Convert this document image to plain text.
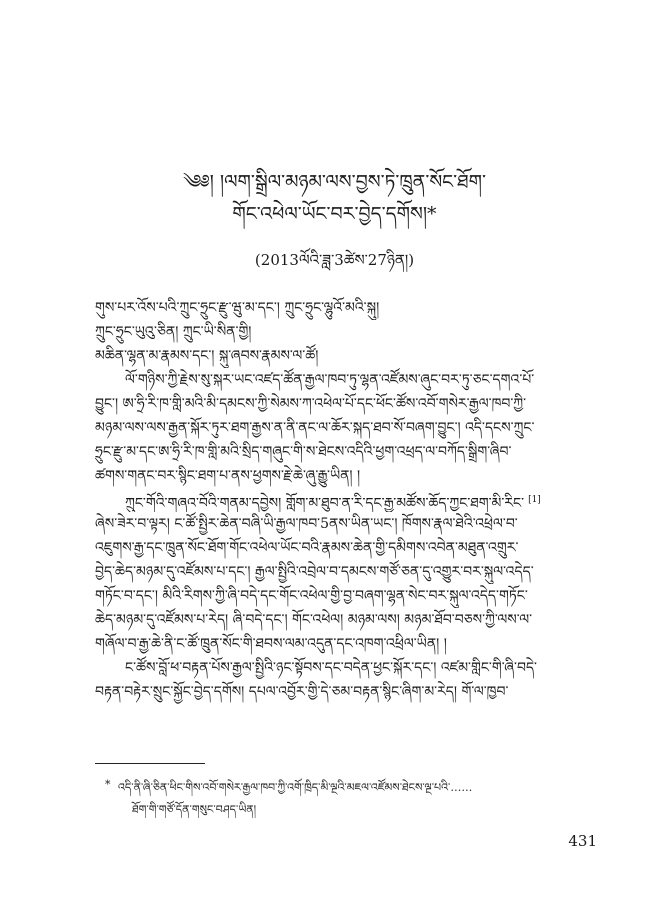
༄༅། །ལག་སྒྲིལ་མཉམ་ལས་བྱས་ཏེ་ཁྲུན་སོང་ཐོག་
གོང་འཕེལ་ཡོང་བར་བྱེད་དགོས།*
(2013ལོའི་ཟླ་3ཚེས་27ཉིན།)
གུས་པར་འོས་པའི་ཀྲུང་ཧྲུང་རྫུ་ཝུ་མ་དང་། ཀྲུང་ཧྲུང་ལྷུའོ་མའི་སྐུ།
ཀྲུང་ཧྲུང་ཡུའུ་ཅིན། ཀྲུང་ཡི་སིན་གྱི།
མཆིན་ལྷན་མ་རྣམས་དང་། སྐུ་ཞབས་རྣམས་ལ་ཚོ།
ལོ་གཉིས་ཀྱི་རྗེས་སུ་སྐར་ཡང་འཛད་ཚོན་རྒྱལ་ཁབ་ཏུ་ལྷན་འཛོམས་ཞུང་བར་ཏུ་ཅང་དགའ་པོ་
བྱུང་། ཨ་ཧྲི་རི་ཁ་གླི་མའི་མི་དམངས་ཀྱི་སེམས་ཀ་འཕེལ་པོ་དང་ཕོང་ཚོས་འབོ་གསེར་རྒྱལ་ཁབ་ཀྱི་
མཉམ་ལས་ལས་རྒྱན་སྐོར་ཏུར་ཐག་རྒྱས་ན་ནི་ནང་ལ་ཆོར་སྐད་ཐབ་སོ་བཞག་བྱུང་། འདི་དངས་ཀྲུང་
ཧྲུང་རྫུ་མ་དང་ཨ་ཧྲི་རི་ཁ་གླི་མའི་སྲིད་གཞུང་གི་ས་ཐེངས་འདིའི་ཕྱག་འཕྲད་ལ་བཀོད་སྒྲིག་ཞིབ་
ཚགས་གནང་བར་སྙིང་ཐག་པ་ནས་ཕྱགས་རྗེ་ཆེ་ཞུ་རྒྱུ་ཡིན། །
ཀྲུང་གོའི་གཞའ་བོའི་གནམ་དབྱེས། གློག་མ་ཐུབ་ན་རི་དང་རྒྱ་མཚོས་ཆོད་ཀྱང་ཐག་མི་རིང་ [1]
ཞེས་ཟེར་བ་ལྟར། ང་ཚོ་སྤྱིར་ཆེན་བཞི་ཡི་རྒྱལ་ཁབ་5ནས་ཡིན་ཡང་། ཁོགས་རྣལ་ཐེའི་འཕྲེལ་བ་
འཇུགས་རྒྱ་དང་ཁྲུན་སོང་ཐོག་གོང་འཕེལ་ཡོང་བའི་རྣམས་ཆེན་གྱི་དམིགས་འབེན་མཐུན་འགྲུར་
བྱེད་ཆེད་མཉམ་དུ་འཛོམས་པ་དང་། རྒྱལ་སྤྱིའི་འབྲེལ་བ་དམངས་གཙོ་ཅན་དུ་འགྱུར་བར་སྐུལ་འདེད་
གཏོང་བ་དང་། མིའི་རིགས་ཀྱི་ཞི་བདེ་དང་གོང་འཕེལ་གྱི་བྱ་བཞག་ལྷན་སེང་བར་སྐུལ་འདེད་གཏོང་
ཆེད་མཉམ་དུ་འཛོམས་པ་རེད། ཞི་བདེ་དང་། གོང་འཕེལ། མཉམ་ལས། མཉམ་ཐོབ་བཅས་ཀྱི་ལས་ལ་
གཞོལ་བ་རྒྱ་ཆེ་ནི་ང་ཚོ་ཁྲུན་སོང་གི་ཐབས་ལམ་འདུན་དང་འཁག་འཕྲིལ་ཡིན། །
ང་ཚོས་བློ་ཕ་བརྟན་པོས་རྒྱལ་སྤྱིའི་ཉང་སྟོབས་དང་བདེན་ཕྱང་སྐོར་དང་། འཛམ་གླིང་གི་ཞི་བདེ་
བརྟན་བརྟེར་སྲུང་སྐྱོང་བྱེད་དགོས། དཔལ་འབྱོར་གྱི་དེ་ཅམ་བརྟན་སྙིང་ཞིག་མ་རེད། གོ་ལ་ཁྱབ་
* འདི་ནི་ཞི་ཅིན་ཕིང་གིས་འབོ་གསེར་རྒྱལ་ཁབ་ཀྱི་འགོ་ཁྲིད་མི་ལྔའི་མཇལ་འཛོམས་ཐེངས་ལྔ་པའི་……
ཐོག་གི་གཙོ་དོན་གསུང་བཤད་ཡིན།
431
